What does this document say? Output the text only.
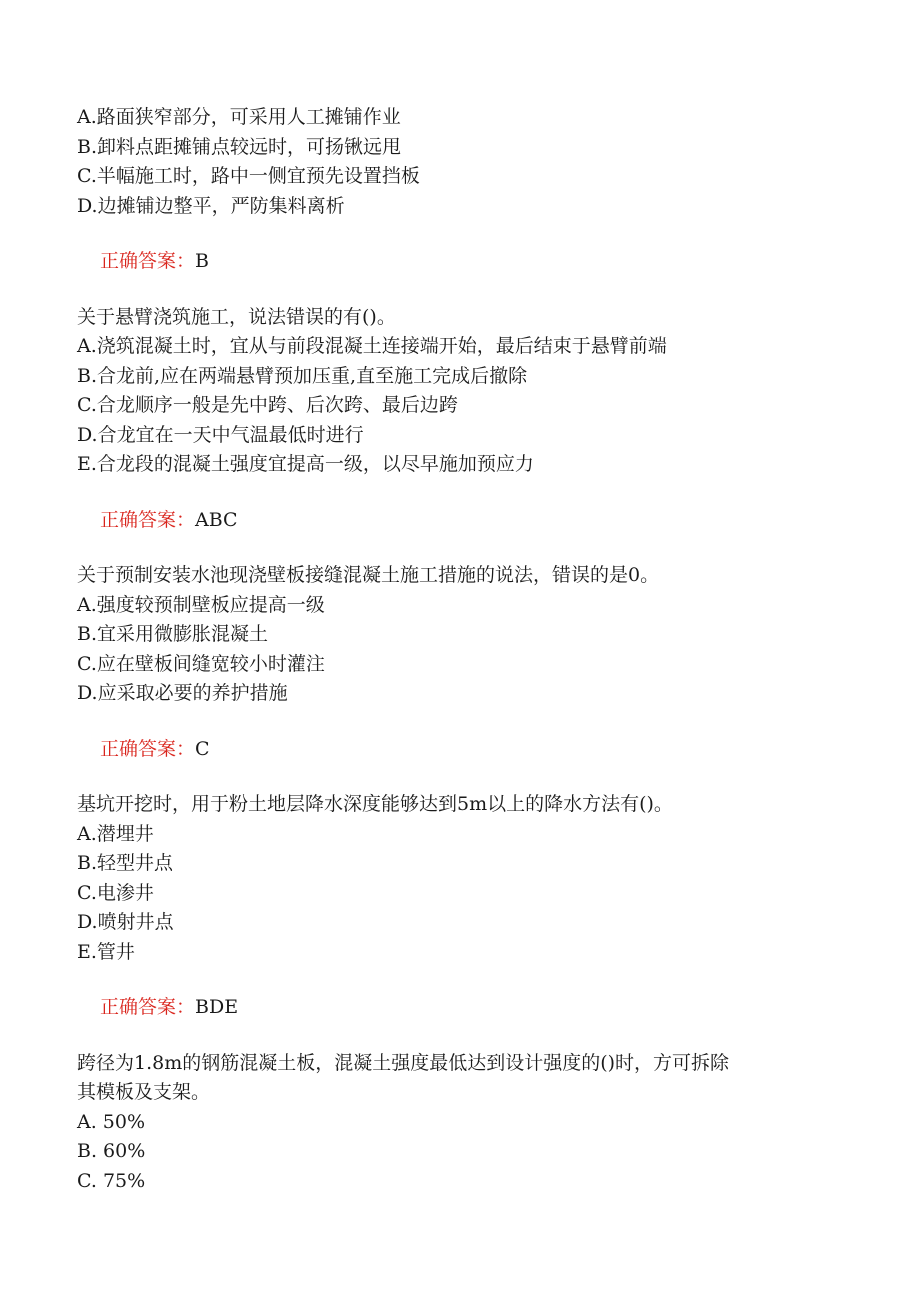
A.路面狭窄部分，可采用人工摊铺作业

B.卸料点距摊铺点较远时，可扬锹远甩

C.半幅施工时，路中一侧宜预先设置挡板

D.边摊铺边整平，严防集料离析

正确答案：B

关于悬臂浇筑施工，说法错误的有()。

A.浇筑混凝土时，宜从与前段混凝土连接端开始，最后结束于悬臂前端

B.合龙前,应在两端悬臂预加压重,直至施工完成后撤除

C.合龙顺序一般是先中跨、后次跨、最后边跨

D.合龙宜在一天中气温最低时进行

E.合龙段的混凝土强度宜提高一级，以尽早施加预应力

正确答案：ABC

关于预制安装水池现浇壁板接缝混凝土施工措施的说法，错误的是0。

A.强度较预制壁板应提高一级

B.宜采用微膨胀混凝土

C.应在壁板间缝宽较小时灌注

D.应采取必要的养护措施

正确答案：C

基坑开挖时，用于粉土地层降水深度能够达到5m以上的降水方法有()。

A.潜埋井

B.轻型井点

C.电渗井

D.喷射井点

E.管井

正确答案：BDE

跨径为1.8m的钢筋混凝土板，混凝土强度最低达到设计强度的()时，方可拆除

其模板及支架。

A. 50%

B. 60%

C. 75%
